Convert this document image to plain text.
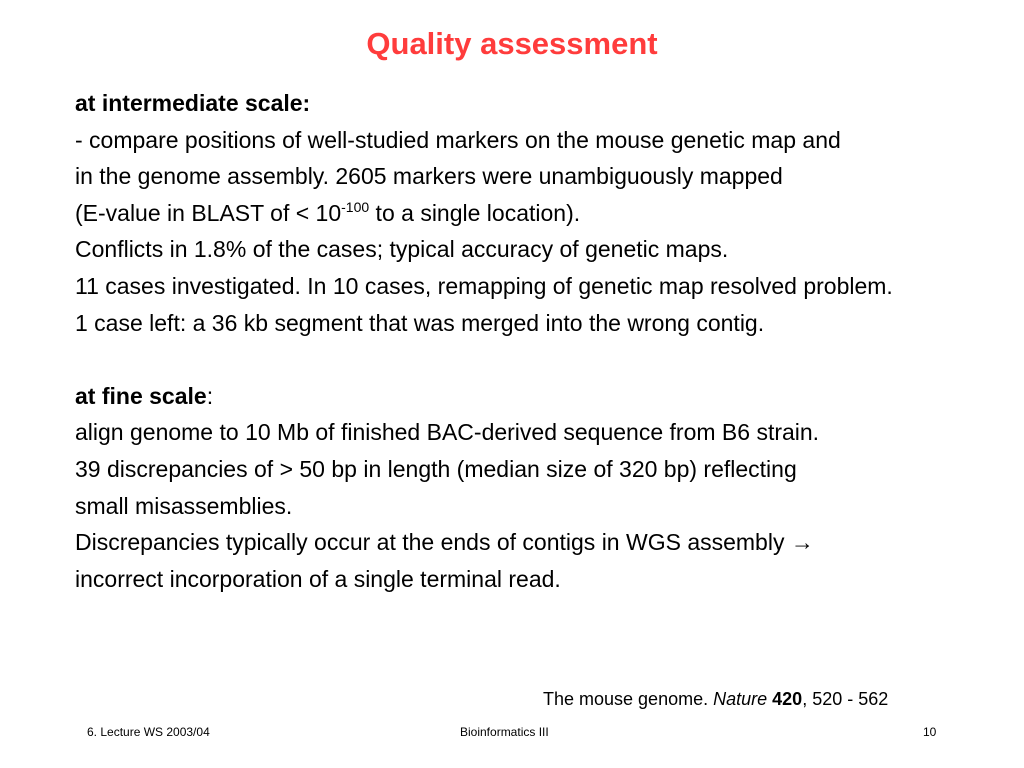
Quality assessment
at intermediate scale:
- compare positions of well-studied markers on the mouse genetic map and
in the genome assembly. 2605 markers were unambiguously mapped
(E-value in BLAST of < $10^{-100}$ to a single location).
Conflicts in 1.8% of the cases; typical accuracy of genetic maps.
11 cases investigated. In 10 cases, remapping of genetic map resolved problem.
1 case left: a 36 kb segment that was merged into the wrong contig.
at fine scale:
align genome to 10 Mb of finished BAC-derived sequence from B6 strain.
39 discrepancies of > 50 bp in length (median size of 320 bp) reflecting
small misassemblies.
Discrepancies typically occur at the ends of contigs in WGS assembly →
incorrect incorporation of a single terminal read.
The mouse genome. Nature 420, 520 - 562
6. Lecture WS 2003/04	Bioinformatics III	10
